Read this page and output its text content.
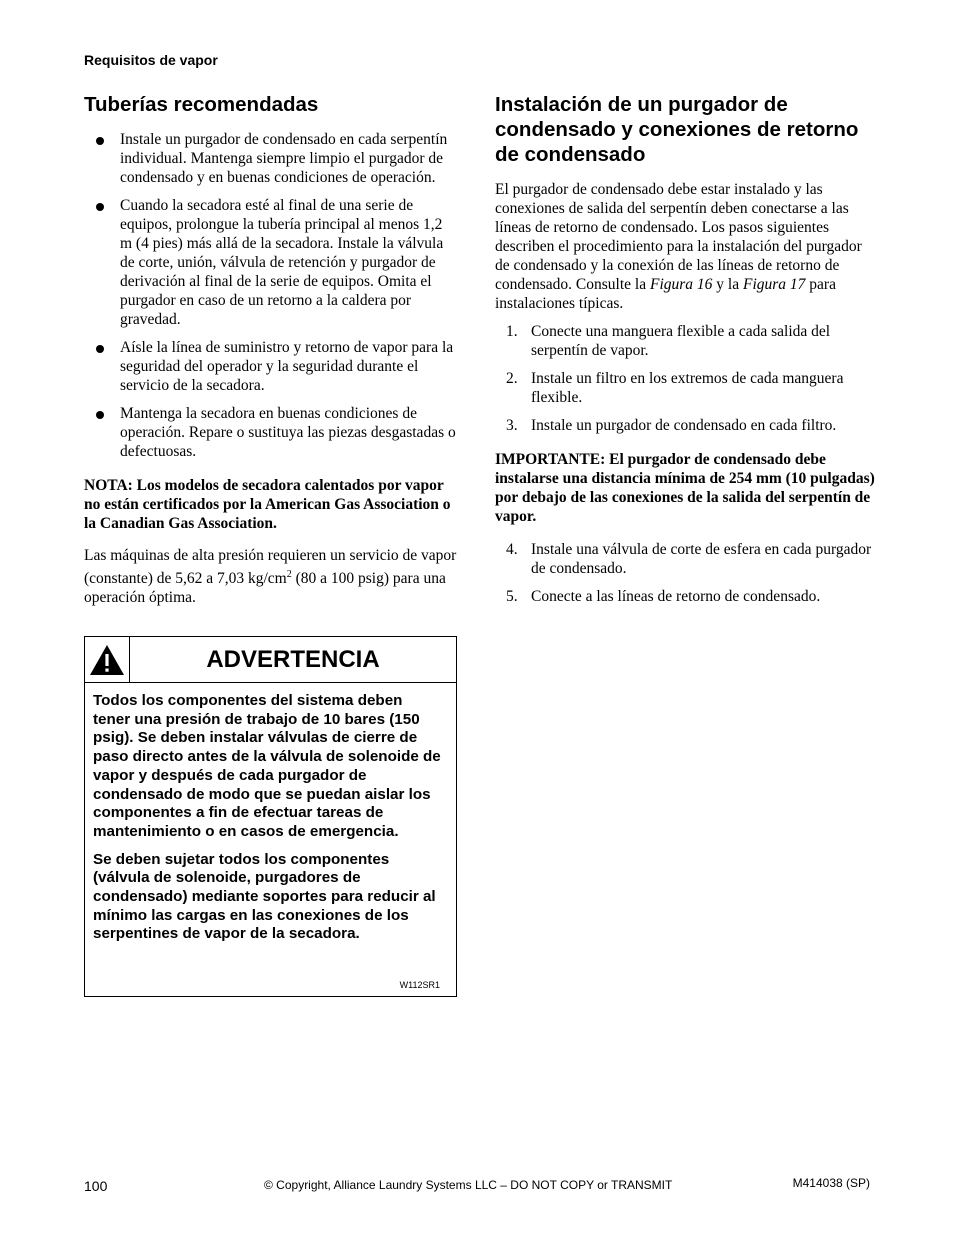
Requisitos de vapor
Tuberías recomendadas
Instale un purgador de condensado en cada serpentín individual. Mantenga siempre limpio el purgador de condensado y en buenas condiciones de operación.
Cuando la secadora esté al final de una serie de equipos, prolongue la tubería principal al menos 1,2 m (4 pies) más allá de la secadora. Instale la válvula de corte, unión, válvula de retención y purgador de derivación al final de la serie de equipos. Omita el purgador en caso de un retorno a la caldera por gravedad.
Aísle la línea de suministro y retorno de vapor para la seguridad del operador y la seguridad durante el servicio de la secadora.
Mantenga la secadora en buenas condiciones de operación. Repare o sustituya las piezas desgastadas o defectuosas.

NOTA: Los modelos de secadora calentados por vapor no están certificados por la American Gas Association o la Canadian Gas Association.

Las máquinas de alta presión requieren un servicio de vapor (constante) de 5,62 a 7,03 $kg/cm^2$ (80 a 100 psig) para una operación óptima.

ADVERTENCIA

Todos los componentes del sistema deben tener una presión de trabajo de 10 bares (150 psig). Se deben instalar válvulas de cierre de paso directo antes de la válvula de solenoide de vapor y después de cada purgador de condensado de modo que se puedan aislar los componentes a fin de efectuar tareas de mantenimiento o en casos de emergencia.

Se deben sujetar todos los componentes (válvula de solenoide, purgadores de condensado) mediante soportes para reducir al mínimo las cargas en las conexiones de los serpentines de vapor de la secadora.

W112SR1
Instalación de un purgador de condensado y conexiones de retorno de condensado

El purgador de condensado debe estar instalado y las conexiones de salida del serpentín deben conectarse a las líneas de retorno de condensado. Los pasos siguientes describen el procedimiento para la instalación del purgador de condensado y la conexión de las líneas de retorno de condensado. Consulte la Figura 16 y la Figura 17 para instalaciones típicas.

1. Conecte una manguera flexible a cada salida del serpentín de vapor.
2. Instale un filtro en los extremos de cada manguera flexible.
3. Instale un purgador de condensado en cada filtro.

IMPORTANTE: El purgador de condensado debe instalarse una distancia mínima de 254 mm (10 pulgadas) por debajo de las conexiones de la salida del serpentín de vapor.

4. Instale una válvula de corte de esfera en cada purgador de condensado.
5. Conecte a las líneas de retorno de condensado.
100	© Copyright, Alliance Laundry Systems LLC – DO NOT COPY or TRANSMIT	M414038 (SP)
